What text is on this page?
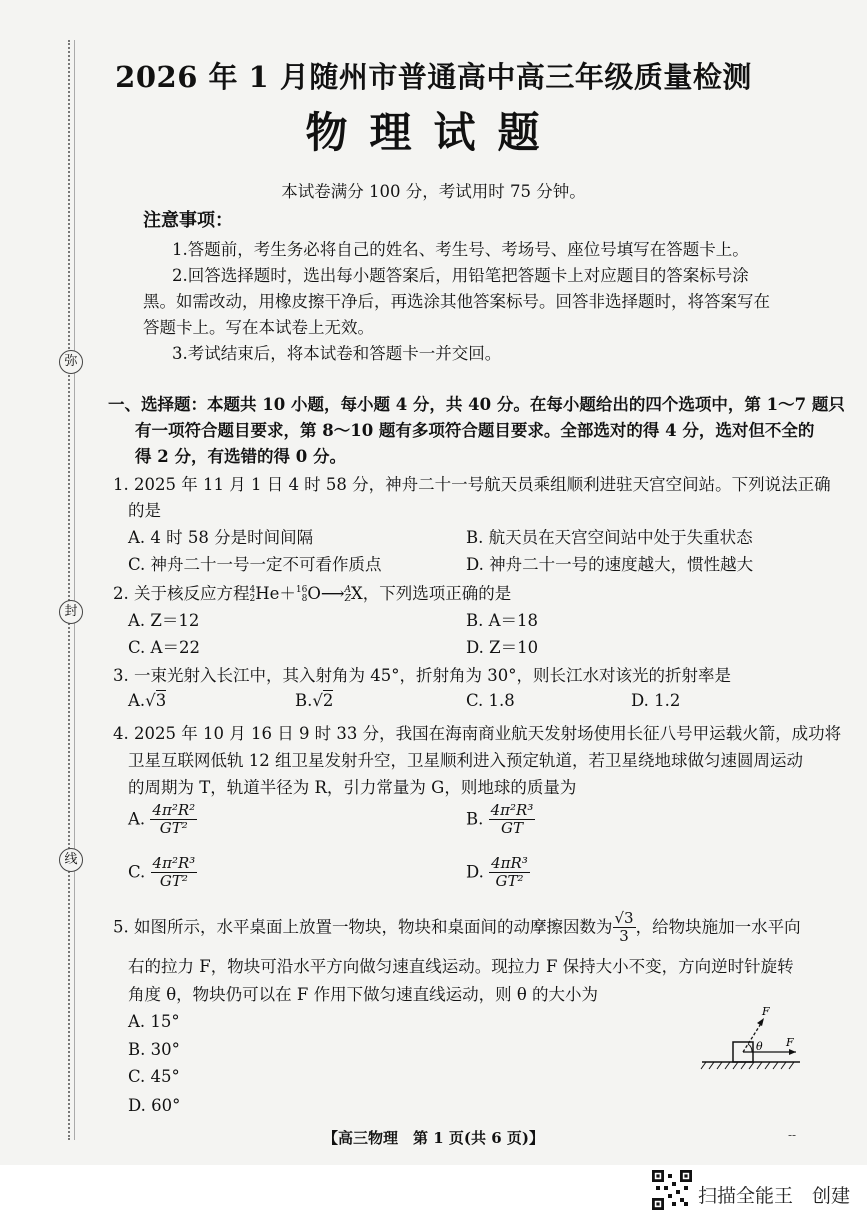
弥
封
线
2026 年 1 月随州市普通高中高三年级质量检测
物理试题
本试卷满分 100 分，考试用时 75 分钟。
注意事项：
1.答题前，考生务必将自己的姓名、考生号、考场号、座位号填写在答题卡上。
2.回答选择题时，选出每小题答案后，用铅笔把答题卡上对应题目的答案标号涂
黑。如需改动，用橡皮擦干净后，再选涂其他答案标号。回答非选择题时，将答案写在
答题卡上。写在本试卷上无效。
3.考试结束后，将本试卷和答题卡一并交回。
一、选择题：本题共 10 小题，每小题 4 分，共 40 分。在每小题给出的四个选项中，第 1～7 题只
有一项符合题目要求，第 8～10 题有多项符合题目要求。全部选对的得 4 分，选对但不全的
得 2 分，有选错的得 0 分。
1. 2025 年 11 月 1 日 4 时 58 分，神舟二十一号航天员乘组顺利进驻天宫空间站。下列说法正确
的是
A. 4 时 58 分是时间间隔	B. 航天员在天宫空间站中处于失重状态
C. 神舟二十一号一定不可看作质点	D. 神舟二十一号的速度越大，惯性越大
2. 关于核反应方程 4
2 He＋ 16
8 O⟶ A
Z X，下列选项正确的是
A. Z＝12	B. A＝18
C. A＝22	D. Z＝10
3. 一束光射入长江中，其入射角为 45°，折射角为 30°，则长江水对该光的折射率是
A.√3	B.√2	C. 1.8	D. 1.2
4. 2025 年 10 月 16 日 9 时 33 分，我国在海南商业航天发射场使用长征八号甲运载火箭，成功将
卫星互联网低轨 12 组卫星发射升空，卫星顺利进入预定轨道，若卫星绕地球做匀速圆周运动
的周期为 T，轨道半径为 R，引力常量为 G，则地球的质量为
A. $\frac{\text{4π²R²}}{\text{GT²}}$	B. $\frac{\text{4π²R³}}{GT}$
C. $\frac{\text{4π²R³}}{\text{GT²}}$	D. $\frac{\text{4πR³}}{\text{GT²}}$
5. 如图所示，水平桌面上放置一物块，物块和桌面间的动摩擦因数为 $\frac{√3}{3}$ ，给物块施加一水平向
右的拉力 F，物块可沿水平方向做匀速直线运动。现拉力 F 保持大小不变，方向逆时针旋转
角度 θ，物块仍可以在 F 作用下做匀速直线运动，则 θ 的大小为
A. 15°
B. 30°
C. 45°
D. 60°
F
θ F
【高三物理　第 1 页(共 6 页)】	--
扫描全能王　创建
